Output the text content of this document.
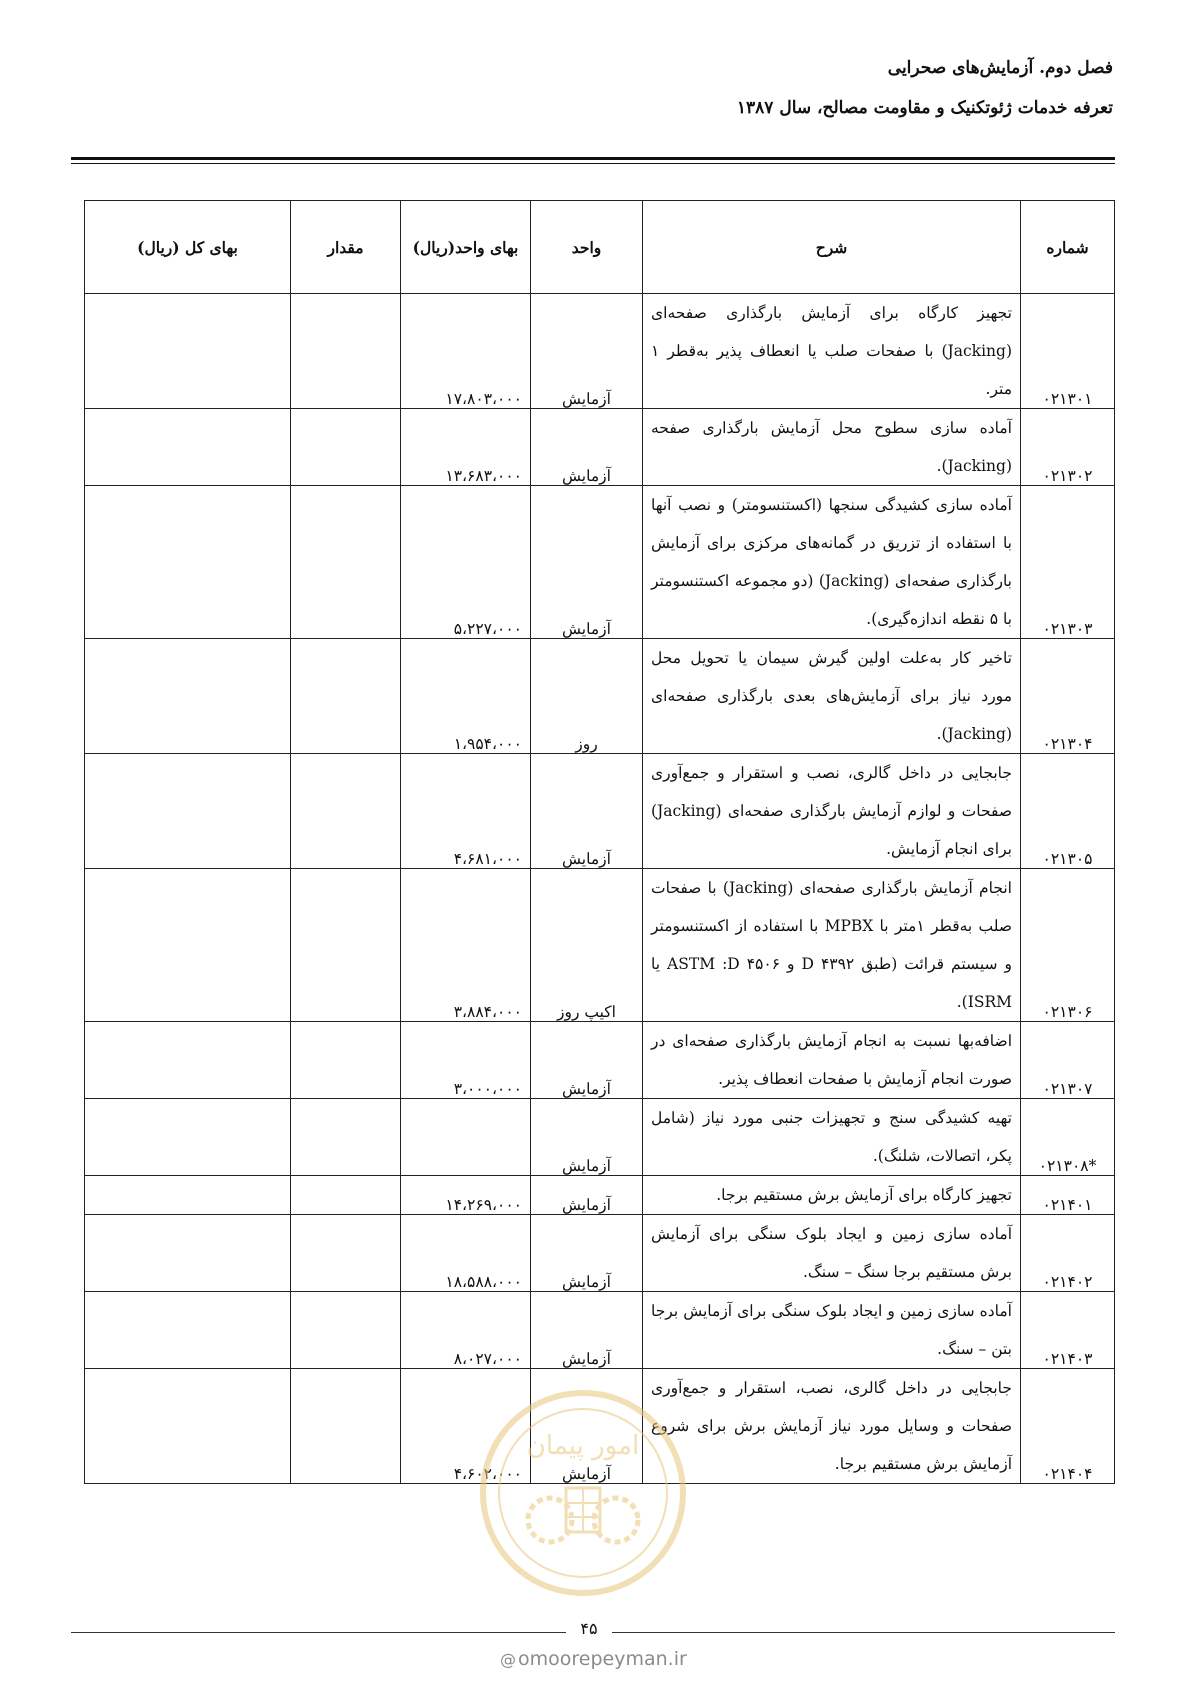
فصل دوم. آزمایش‌های صحرایی

تعرفه خدمات ژئوتکنیک و مقاومت مصالح، سال ۱۳۸۷

شماره	شرح	واحد	بهای واحد(ریال)	مقدار	بهای کل (ریال)
۰۲۱۳۰۱	تجهیز کارگاه برای آزمایش بارگذاری صفحه‌ای (Jacking) با صفحات صلب یا انعطاف پذیر به‌قطر ۱ متر.	آزمایش	۱۷،۸۰۳،۰۰۰		
۰۲۱۳۰۲	آماده سازی سطوح محل آزمایش بارگذاری صفحه (Jacking).	آزمایش	۱۳،۶۸۳،۰۰۰		
۰۲۱۳۰۳	آماده سازی کشیدگی سنجها (اکستنسومتر) و نصب آنها با استفاده از تزریق در گمانه‌های مرکزی برای آزمایش بارگذاری صفحه‌ای (Jacking) (دو مجموعه اکستنسومتر با ۵ نقطه اندازه‌گیری).	آزمایش	۵،۲۲۷،۰۰۰		
۰۲۱۳۰۴	تاخیر کار به‌علت اولین گیرش سیمان یا تحویل محل مورد نیاز برای آزمایش‌های بعدی بارگذاری صفحه‌ای (Jacking).	روز	۱،۹۵۴،۰۰۰		
۰۲۱۳۰۵	جابجایی در داخل گالری، نصب و استقرار و جمع‌آوری صفحات و لوازم آزمایش بارگذاری صفحه‌ای (Jacking) برای انجام آزمایش.	آزمایش	۴،۶۸۱،۰۰۰		
۰۲۱۳۰۶	انجام آزمایش بارگذاری صفحه‌ای (Jacking) با صفحات صلب به‌قطر ۱متر با MPBX با استفاده از اکستنسومتر و سیستم قرائت (طبق D ۴۳۹۲ و ۴۵۰۶ ASTM :D یا ISRM).	اکیپ روز	۳،۸۸۴،۰۰۰		
۰۲۱۳۰۷	اضافه‌بها نسبت به انجام آزمایش بارگذاری صفحه‌ای در صورت انجام آزمایش با صفحات انعطاف پذیر.	آزمایش	۳،۰۰۰،۰۰۰		
*۰۲۱۳۰۸	تهیه کشیدگی سنج و تجهیزات جنبی مورد نیاز (شامل پکر، اتصالات، شلنگ).	آزمایش			
۰۲۱۴۰۱	تجهیز کارگاه برای آزمایش برش مستقیم برجا.	آزمایش	۱۴،۲۶۹،۰۰۰		
۰۲۱۴۰۲	آماده سازی زمین و ایجاد بلوک سنگی برای آزمایش برش مستقیم برجا سنگ – سنگ.	آزمایش	۱۸،۵۸۸،۰۰۰		
۰۲۱۴۰۳	آماده سازی زمین و ایجاد بلوک سنگی برای آزمایش برجا بتن – سنگ.	آزمایش	۸،۰۲۷،۰۰۰		
۰۲۱۴۰۴	جابجایی در داخل گالری، نصب، استقرار و جمع‌آوری صفحات و وسایل مورد نیاز آزمایش برش برای شروع آزمایش برش مستقیم برجا.	آزمایش	۴،۶۰۲،۰۰۰		
امور پیمان
۴۵
@ omoorepeyman.ir
